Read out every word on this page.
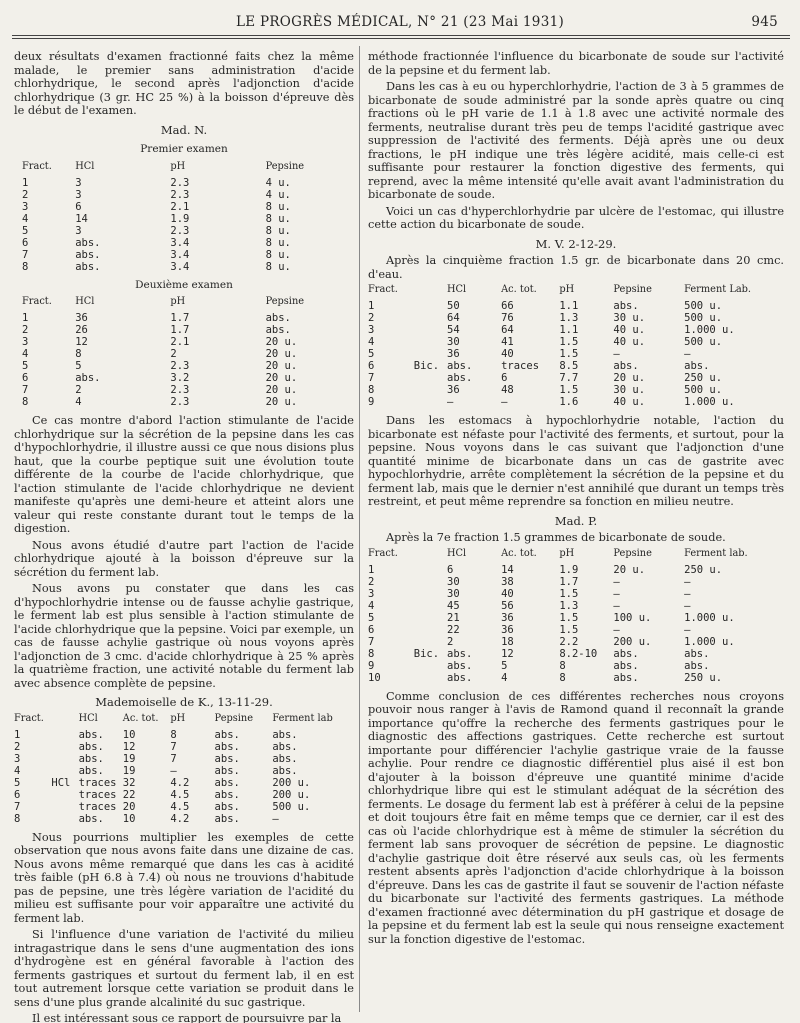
LE PROGRÈS MÉDICAL, N° 21 (23 Mai 1931)	945

deux résultats d'examen fractionné faits chez la même malade, le premier sans administration d'acide chlorhydrique, le second après l'adjonction d'acide chlorhydrique (3 gr. HC 25 %) à la boisson d'épreuve dès le début de l'examen.

Mad. N.
Premier examen
Fract.	HCl	pH	Pepsine
1	3	2.3	4 u.
2	3	2.3	4 u.
3	6	2.1	8 u.
4	14	1.9	8 u.
5	3	2.3	8 u.
6	abs.	3.4	8 u.
7	abs.	3.4	8 u.
8	abs.	3.4	8 u.
Deuxième examen
Fract.	HCl	pH	Pepsine
1	36	1.7	abs.
2	26	1.7	abs.
3	12	2.1	20 u.
4	8	2	20 u.
5	5	2.3	20 u.
6	abs.	3.2	20 u.
7	2	2.3	20 u.
8	4	2.3	20 u.

Ce cas montre d'abord l'action stimulante de l'acide chlorhydrique sur la sécrétion de la pepsine dans les cas d'hypochlorhydrie, il illustre aussi ce que nous disions plus haut, que la courbe peptique suit une évolution toute différente de la courbe de l'acide chlorhydrique, que l'action stimulante de l'acide chlorhydrique ne devient manifeste qu'après une demi-heure et atteint alors une valeur qui reste constante durant tout le temps de la digestion.

Nous avons étudié d'autre part l'action de l'acide chlorhydrique ajouté à la boisson d'épreuve sur la sécrétion du ferment lab.

Nous avons pu constater que dans les cas d'hypochlorhydrie intense ou de fausse achylie gastrique, le ferment lab est plus sensible à l'action stimulante de l'acide chlorhydrique que la pepsine. Voici par exemple, un cas de fausse achylie gastrique où nous voyons après l'adjonction de 3 cmc. d'acide chlorhydrique à 25 % après la quatrième fraction, une activité notable du ferment lab avec absence complète de pepsine.

Mademoiselle de K., 13-11-29.
Fract.		HCl	Ac. tot.	pH	Pepsine	Ferment lab
1		abs.	10	8	abs.	abs.
2		abs.	12	7	abs.	abs.
3		abs.	19	7	abs.	abs.
4		abs.	19	—	abs.	abs.
5	HCl	traces	32	4.2	abs.	200 u.
6		traces	22	4.5	abs.	200 u.
7		traces	20	4.5	abs.	500 u.
8		abs.	10	4.2	abs.	—

Nous pourrions multiplier les exemples de cette observation que nous avons faite dans une dizaine de cas. Nous avons même remarqué que dans les cas à acidité très faible (pH 6.8 à 7.4) où nous ne trouvions d'habitude pas de pepsine, une très légère variation de l'acidité du milieu est suffisante pour voir apparaître une activité du ferment lab.

Si l'influence d'une variation de l'activité du milieu intragastrique dans le sens d'une augmentation des ions d'hydrogène est en général favorable à l'action des ferments gastriques et surtout du ferment lab, il en est tout autrement lorsque cette variation se produit dans le sens d'une plus grande alcalinité du suc gastrique.

Il est intéressant sous ce rapport de poursuivre par la

méthode fractionnée l'influence du bicarbonate de soude sur l'activité de la pepsine et du ferment lab.

Dans les cas à eu ou hyperchlorhydrie, l'action de 3 à 5 grammes de bicarbonate de soude administré par la sonde après quatre ou cinq fractions où le pH varie de 1.1 à 1.8 avec une activité normale des ferments, neutralise durant très peu de temps l'acidité gastrique avec suppression de l'activité des ferments. Déjà après une ou deux fractions, le pH indique une très légère acidité, mais celle-ci est suffisante pour restaurer la fonction digestive des ferments, qui reprend, avec la même intensité qu'elle avait avant l'administration du bicarbonate de soude.

Voici un cas d'hyperchlorhydrie par ulcère de l'estomac, qui illustre cette action du bicarbonate de soude.

M. V. 2-12-29.

Après la cinquième fraction 1.5 gr. de bicarbonate dans 20 cmc. d'eau.

Fract.		HCl	Ac. tot.	pH	Pepsine	Ferment Lab.
1		50	66	1.1	abs.	500 u.
2		64	76	1.3	30 u.	500 u.
3		54	64	1.1	40 u.	1.000 u.
4		30	41	1.5	40 u.	500 u.
5		36	40	1.5	—	—
6	Bic.	abs.	traces	8.5	abs.	abs.
7		abs.	6	7.7	20 u.	250 u.
8		36	48	1.5	30 u.	500 u.
9		—	—	1.6	40 u.	1.000 u.

Dans les estomacs à hypochlorhydrie notable, l'action du bicarbonate est néfaste pour l'activité des ferments, et surtout, pour la pepsine. Nous voyons dans le cas suivant que l'adjonction d'une quantité minime de bicarbonate dans un cas de gastrite avec hypochlorhydrie, arrête complètement la sécrétion de la pepsine et du ferment lab, mais que le dernier n'est annihilé que durant un temps très restreint, et peut même reprendre sa fonction en milieu neutre.

Mad. P.

Après la 7e fraction 1.5 grammes de bicarbonate de soude.

Fract.		HCl	Ac. tot.	pH	Pepsine	Ferment lab.
1		6	14	1.9	20 u.	250 u.
2		30	38	1.7	—	—
3		30	40	1.5	—	—
4		45	56	1.3	—	—
5		21	36	1.5	100 u.	1.000 u.
6		22	36	1.5	—	—
7		2	18	2.2	200 u.	1.000 u.
8	Bic.	abs.	12	8.2-10	abs.	abs.
9		abs.	5	8	abs.	abs.
10		abs.	4	8	abs.	250 u.

Comme conclusion de ces différentes recherches nous croyons pouvoir nous ranger à l'avis de Ramond quand il reconnaît la grande importance qu'offre la recherche des ferments gastriques pour le diagnostic des affections gastriques. Cette recherche est surtout importante pour différencier l'achylie gastrique vraie de la fausse achylie. Pour rendre ce diagnostic différentiel plus aisé il est bon d'ajouter à la boisson d'épreuve une quantité minime d'acide chlorhydrique libre qui est le stimulant adéquat de la sécrétion des ferments. Le dosage du ferment lab est à préférer à celui de la pepsine et doit toujours être fait en même temps que ce dernier, car il est des cas où l'acide chlorhydrique est à même de stimuler la sécrétion du ferment lab sans provoquer de sécrétion de pepsine. Le diagnostic d'achylie gastrique doit être réservé aux seuls cas, où les ferments restent absents après l'adjonction d'acide chlorhydrique à la boisson d'épreuve. Dans les cas de gastrite il faut se souvenir de l'action néfaste du bicarbonate sur l'activité des ferments gastriques. La méthode d'examen fractionné avec détermination du pH gastrique et dosage de la pepsine et du ferment lab est la seule qui nous renseigne exactement sur la fonction digestive de l'estomac.
